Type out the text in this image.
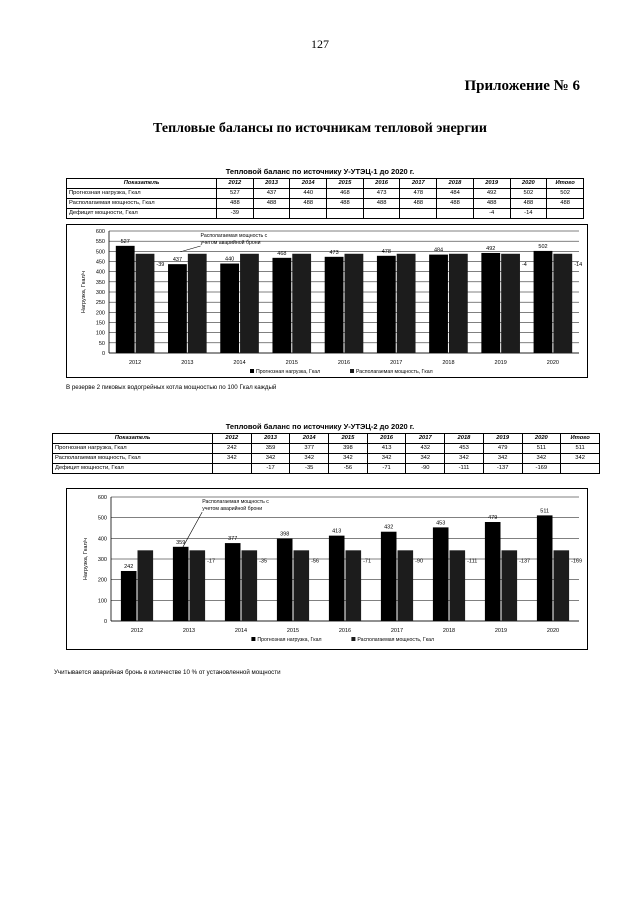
127
Приложение № 6
Тепловые балансы по источникам тепловой энергии
Тепловой баланс по источнику У-УТЭЦ-1 до 2020 г.
Показатель	2012	2013	2014	2015	2016	2017	2018	2019	2020	Итого
Прогнозная нагрузка, Гкал	527	437	440	468	473	478	484	492	502	502
Располагаемая мощность, Гкал	488	488	488	488	488	488	488	488	488	488
Дефицит мощности, Гкал	-39							-4	-14	
0
50
100
150
200
250
300
350
400
450
500
550
600
Нагрузка, Гкал/ч
2012
527
-39
2013
437
2014
440
2015
468
2016
473
2017
478
2018
484
2019
492
-4
2020
502
-14
Располагаемая мощность с
учетом аварийной брони
Прогнозная нагрузка, Гкал	Располагаемая мощность, Гкал
В резерве 2 пиковых водогрейных котла мощностью по 100 Гкал каждый
Тепловой баланс по источнику У-УТЭЦ-2 до 2020 г.
Показатель	2012	2013	2014	2015	2016	2017	2018	2019	2020	Итого
Прогнозная нагрузка, Гкал	242	359	377	398	413	432	453	479	511	511
Располагаемая мощность, Гкал	342	342	342	342	342	342	342	342	342	342
Дефицит мощности, Гкал		-17	-35	-56	-71	-90	-111	-137	-169	
0
100
200
300
400
500
600
Нагрузка, Гкал/ч
2012
242
2013
359
-17
2014
377
-35
2015
398
-56
2016
413
-71
2017
432
-90
2018
453
-111
2019
479
-137
2020
511
-169
Располагаемая мощность с
учетом аварийной брони
Прогнозная нагрузка, Гкал	Располагаемая мощность, Гкал
Учитывается аварийная бронь в количестве 10 % от установленной мощности
